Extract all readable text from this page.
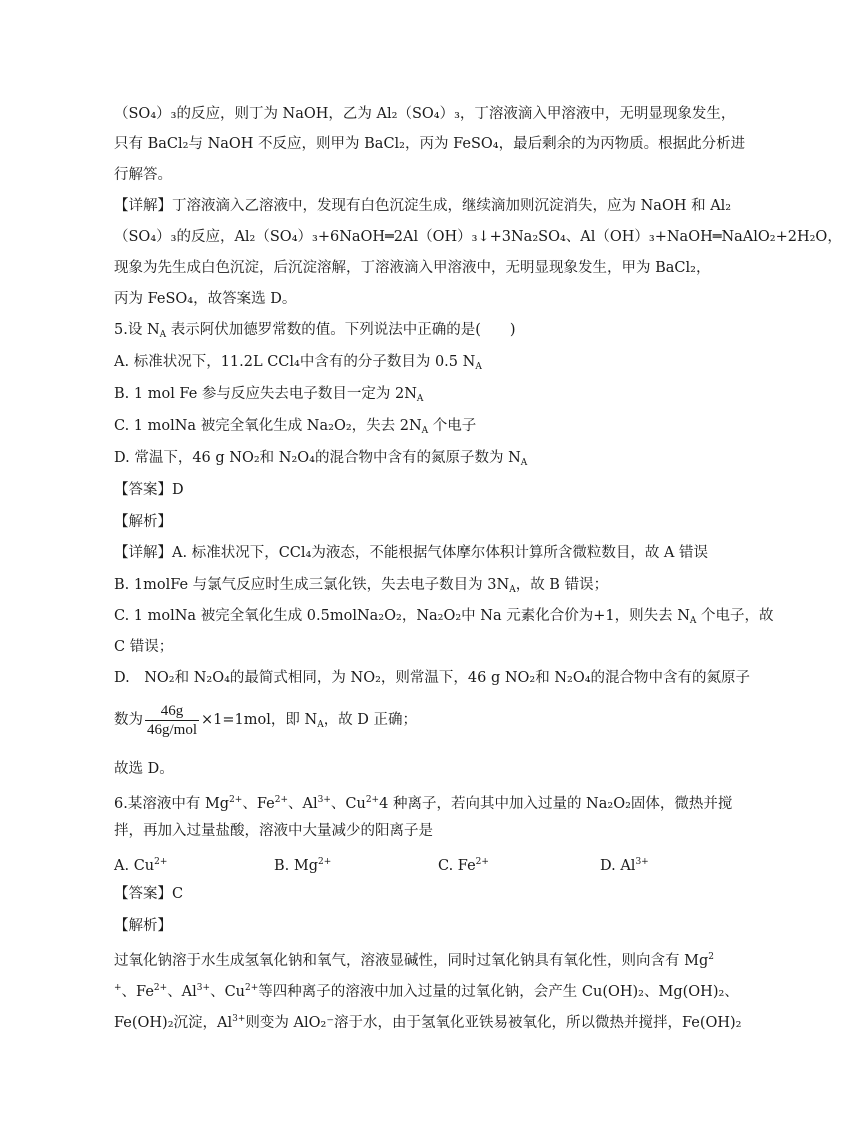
（SO₄）₃的反应，则丁为 NaOH，乙为 Al₂（SO₄）₃，丁溶液滴入甲溶液中，无明显现象发生，
只有 BaCl₂与 NaOH 不反应，则甲为 BaCl₂，丙为 FeSO₄，最后剩余的为丙物质。根据此分析进
行解答。
【详解】丁溶液滴入乙溶液中，发现有白色沉淀生成，继续滴加则沉淀消失，应为 NaOH 和 Al₂
（SO₄）₃的反应，Al₂（SO₄）₃+6NaOH═2Al（OH）₃↓+3Na₂SO₄、Al（OH）₃+NaOH═NaAlO₂+2H₂O，
现象为先生成白色沉淀，后沉淀溶解，丁溶液滴入甲溶液中，无明显现象发生，甲为 BaCl₂，
丙为 FeSO₄，故答案选 D。
5.设 $N_A$ 表示阿伏加德罗常数的值。下列说法中正确的是(　　)
A. 标准状况下，11.2L CCl₄中含有的分子数目为 0.5 $N_A$
B. 1 mol Fe 参与反应失去电子数目一定为 $2N_A$
C. 1 molNa 被完全氧化生成 Na₂O₂，失去 $2N_A$ 个电子
D. 常温下，46 g NO₂和 N₂O₄的混合物中含有的氮原子数为 $N_A$
【答案】D
【解析】
【详解】A. 标准状况下，CCl₄为液态，不能根据气体摩尔体积计算所含微粒数目，故 A 错误
B. 1molFe 与氯气反应时生成三氯化铁，失去电子数目为 $3N_A$，故 B 错误；
C. 1 molNa 被完全氧化生成 0.5molNa₂O₂，Na₂O₂中 Na 元素化合价为+1，则失去 $N_A$ 个电子，故
C 错误；
D.　NO₂和 N₂O₄的最简式相同，为 NO₂，则常温下，46 g NO₂和 N₂O₄的混合物中含有的氮原子
数为 $\frac{46g}{\text{46g/mol}} \times 1=1mol$，即 $N_A$，故 D 正确；
故选 D。
6.某溶液中有 $Mg^{2+}$、$Fe^{2+}$、$Al^{3+}$、$Cu^{2+}4$ 种离子，若向其中加入过量的 Na₂O₂固体，微热并搅
拌，再加入过量盐酸，溶液中大量减少的阳离子是
A. $Cu^{2+}$	B. $Mg^{2+}$	C. $Fe^{2+}$	D. $Al^{3+}$
【答案】C
【解析】
过氧化钠溶于水生成氢氧化钠和氧气，溶液显碱性，同时过氧化钠具有氧化性，则向含有 Mg$^2$
+、$Fe^{2+}$、$Al^{3+}$、$Cu^{2+}$等四种离子的溶液中加入过量的过氧化钠，会产生 Cu(OH)₂、Mg(OH)₂、
Fe(OH)₂沉淀，$Al^{3+}$则变为 AlO₂⁻溶于水，由于氢氧化亚铁易被氧化，所以微热并搅拌，Fe(OH)₂
